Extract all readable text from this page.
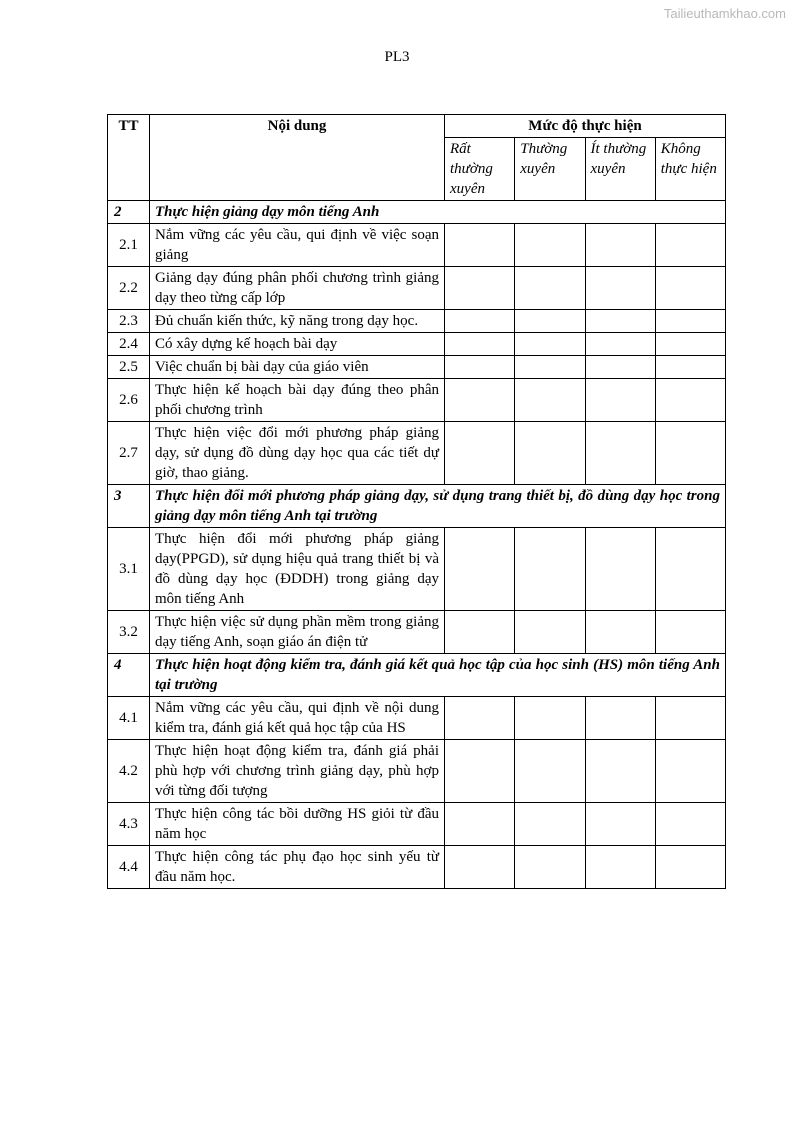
Tailieuthamkhao.com
PL3
TT	Nội dung	Mức độ thực hiện			
		Rất thường xuyên	Thường xuyên	Ít thường xuyên	Không thực hiện
2	Thực hiện giảng dạy môn tiếng Anh				
2.1	Nắm vững các yêu cầu, qui định về việc soạn giảng				
2.2	Giảng dạy đúng phân phối chương trình giảng dạy theo từng cấp lớp				
2.3	Đủ chuẩn kiến thức, kỹ năng trong dạy học.				
2.4	Có xây dựng kế hoạch bài dạy				
2.5	Việc chuẩn bị bài dạy của giáo viên				
2.6	Thực hiện kế hoạch bài dạy đúng theo phân phối chương trình				
2.7	Thực hiện việc đổi mới phương pháp giảng dạy, sử dụng đồ dùng dạy học qua các tiết dự giờ, thao giảng.				
3	Thực hiện đổi mới phương pháp giảng dạy, sử dụng trang thiết bị, đồ dùng dạy học trong giảng dạy môn tiếng Anh tại trường				
3.1	Thực hiện đổi mới phương pháp giảng dạy(PPGD), sử dụng hiệu quả trang thiết bị và đồ dùng dạy học (ĐDDH) trong giảng dạy môn tiếng Anh				
3.2	Thực hiện việc sử dụng phần mềm trong giảng dạy tiếng Anh, soạn giáo án điện tử				
4	Thực hiện hoạt động kiểm tra, đánh giá kết quả học tập của học sinh (HS) môn tiếng Anh tại trường				
4.1	Nắm vững các yêu cầu, qui định về nội dung kiểm tra, đánh giá kết quả học tập của HS				
4.2	Thực hiện hoạt động kiểm tra, đánh giá phải phù hợp với chương trình giảng dạy, phù hợp với từng đối tượng				
4.3	Thực hiện công tác bồi dưỡng HS giỏi từ đầu năm học				
4.4	Thực hiện công tác phụ đạo học sinh yếu từ đầu năm học.				
